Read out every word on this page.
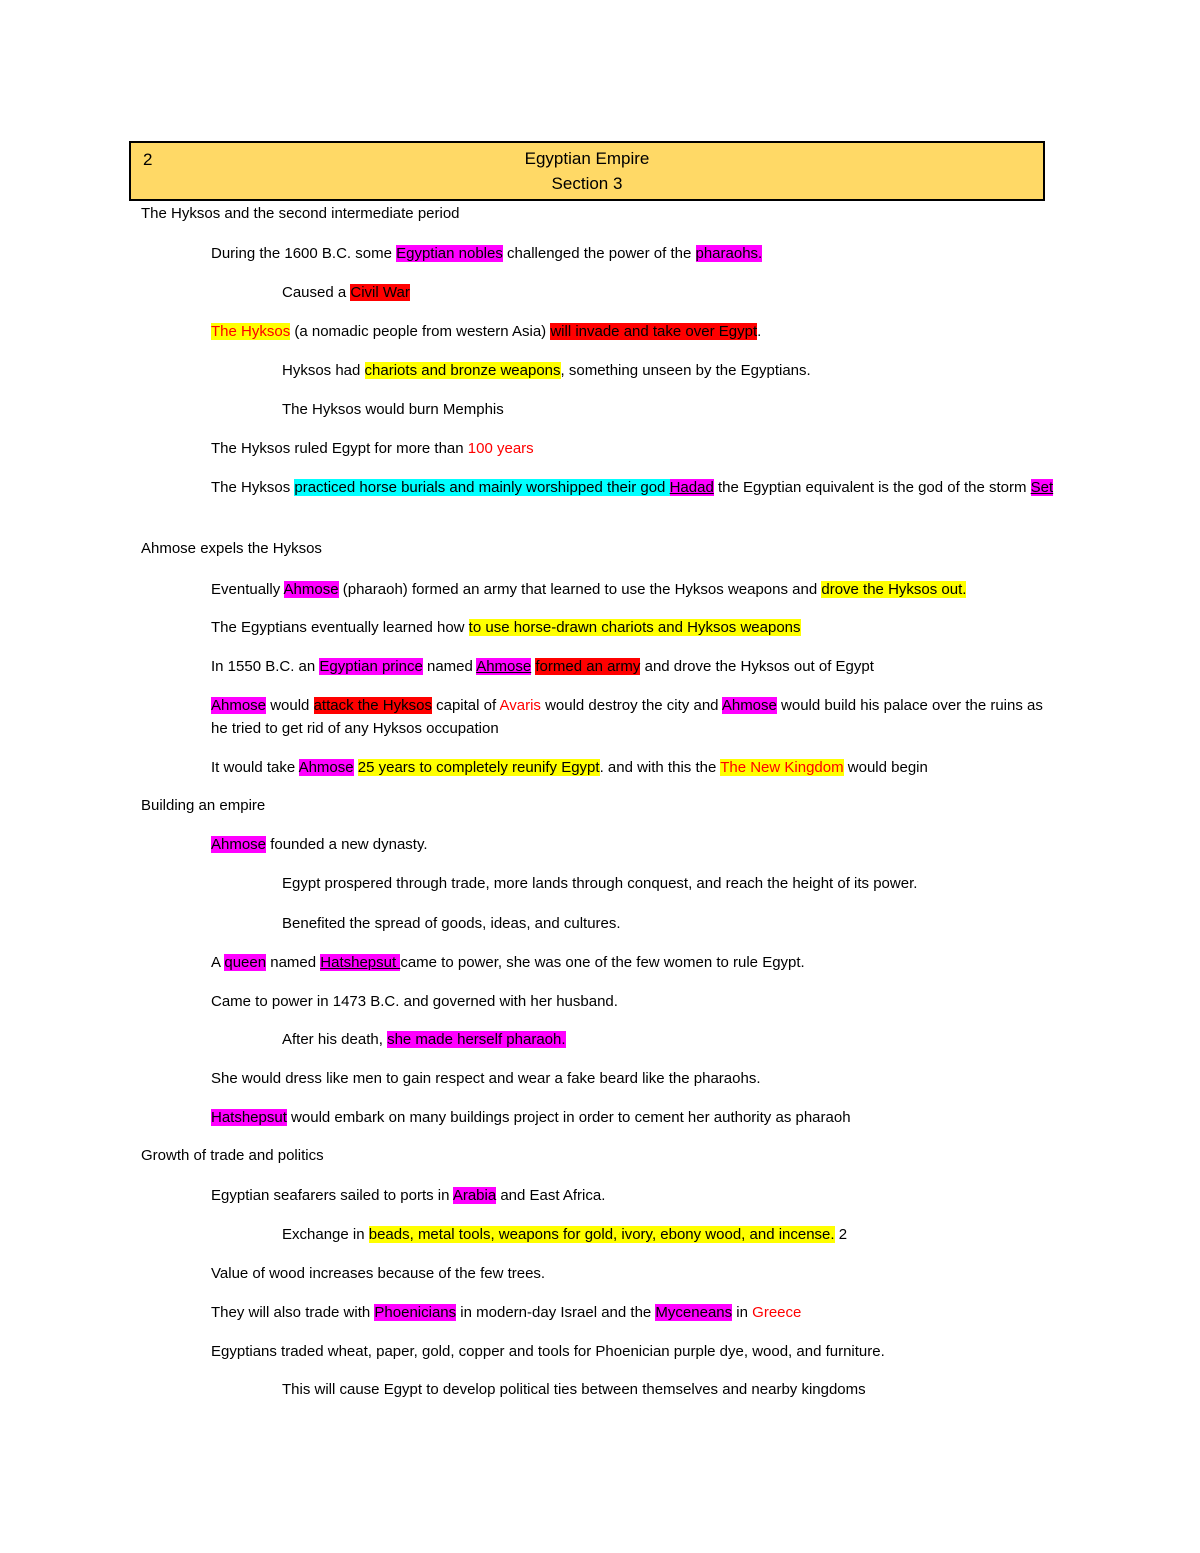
2	Egyptian Empire
Section 3
The Hyksos and the second intermediate period
During the 1600 B.C. some Egyptian nobles challenged the power of the pharaohs.
Caused a Civil War
The Hyksos (a nomadic people from western Asia) will invade and take over Egypt.
Hyksos had chariots and bronze weapons, something unseen by the Egyptians.
The Hyksos would burn Memphis
The Hyksos ruled Egypt for more than 100 years
The Hyksos practiced horse burials and mainly worshipped their god Hadad the Egyptian equivalent is the god of the storm Set
Ahmose expels the Hyksos
Eventually Ahmose (pharaoh) formed an army that learned to use the Hyksos weapons and drove the Hyksos out.
The Egyptians eventually learned how to use horse-drawn chariots and Hyksos weapons
In 1550 B.C. an Egyptian prince named Ahmose formed an army and drove the Hyksos out of Egypt
Ahmose would attack the Hyksos capital of Avaris would destroy the city and Ahmose would build his palace over the ruins as he tried to get rid of any Hyksos occupation
It would take Ahmose 25 years to completely reunify Egypt. and with this the The New Kingdom would begin
Building an empire
Ahmose founded a new dynasty.
Egypt prospered through trade, more lands through conquest, and reach the height of its power.
Benefited the spread of goods, ideas, and cultures.
A queen named Hatshepsut came to power, she was one of the few women to rule Egypt.
Came to power in 1473 B.C. and governed with her husband.
After his death, she made herself pharaoh.
She would dress like men to gain respect and wear a fake beard like the pharaohs.
Hatshepsut would embark on many buildings project in order to cement her authority as pharaoh
Growth of trade and politics
Egyptian seafarers sailed to ports in Arabia and East Africa.
Exchange in beads, metal tools, weapons for gold, ivory, ebony wood, and incense. 2
Value of wood increases because of the few trees.
They will also trade with Phoenicians in modern-day Israel and the Myceneans in Greece
Egyptians traded wheat, paper, gold, copper and tools for Phoenician purple dye, wood, and furniture.
This will cause Egypt to develop political ties between themselves and nearby kingdoms
